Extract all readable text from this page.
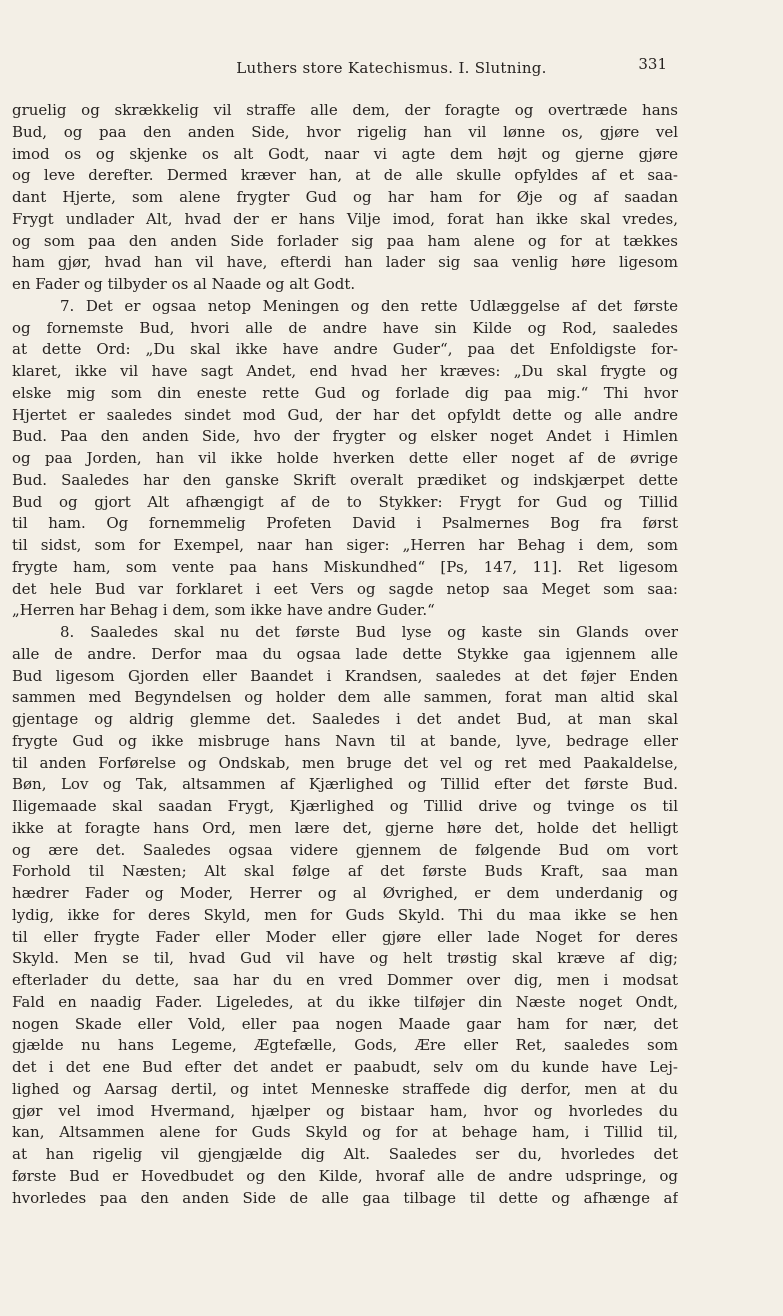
Luthers store Katechismus. I. Slutning.	331
gruelig og skrækkelig vil straffe alle dem, der foragte og overtræde hans
Bud, og paa den anden Side, hvor rigelig han vil lønne os, gjøre vel
imod os og skjenke os alt Godt, naar vi agte dem højt og gjerne gjøre
og leve derefter. Dermed kræver han, at de alle skulle opfyldes af et saa-
dant Hjerte, som alene frygter Gud og har ham for Øje og af saadan
Frygt undlader Alt, hvad der er hans Vilje imod, forat han ikke skal vredes,
og som paa den anden Side forlader sig paa ham alene og for at tækkes
ham gjør, hvad han vil have, efterdi han lader sig saa venlig høre ligesom
en Fader og tilbyder os al Naade og alt Godt.
7. Det er ogsaa netop Meningen og den rette Udlæggelse af det første
og fornemste Bud, hvori alle de andre have sin Kilde og Rod, saaledes
at dette Ord: „Du skal ikke have andre Guder“, paa det Enfoldigste for-
klaret, ikke vil have sagt Andet, end hvad her kræves: „Du skal frygte og
elske mig som din eneste rette Gud og forlade dig paa mig.“ Thi hvor
Hjertet er saaledes sindet mod Gud, der har det opfyldt dette og alle andre
Bud. Paa den anden Side, hvo der frygter og elsker noget Andet i Himlen
og paa Jorden, han vil ikke holde hverken dette eller noget af de øvrige
Bud. Saaledes har den ganske Skrift overalt prædiket og indskjærpet dette
Bud og gjort Alt afhængigt af de to Stykker: Frygt for Gud og Tillid
til ham. Og fornemmelig Profeten David i Psalmernes Bog fra først
til sidst, som for Exempel, naar han siger: „Herren har Behag i dem, som
frygte ham, som vente paa hans Miskundhed“ [Ps, 147, 11]. Ret ligesom
det hele Bud var forklaret i eet Vers og sagde netop saa Meget som saa:
„Herren har Behag i dem, som ikke have andre Guder.“
8. Saaledes skal nu det første Bud lyse og kaste sin Glands over
alle de andre. Derfor maa du ogsaa lade dette Stykke gaa igjennem alle
Bud ligesom Gjorden eller Baandet i Krandsen, saaledes at det føjer Enden
sammen med Begyndelsen og holder dem alle sammen, forat man altid skal
gjentage og aldrig glemme det. Saaledes i det andet Bud, at man skal
frygte Gud og ikke misbruge hans Navn til at bande, lyve, bedrage eller
til anden Forførelse og Ondskab, men bruge det vel og ret med Paakaldelse,
Bøn, Lov og Tak, altsammen af Kjærlighed og Tillid efter det første Bud.
Iligemaade skal saadan Frygt, Kjærlighed og Tillid drive og tvinge os til
ikke at foragte hans Ord, men lære det, gjerne høre det, holde det helligt
og ære det. Saaledes ogsaa videre gjennem de følgende Bud om vort
Forhold til Næsten; Alt skal følge af det første Buds Kraft, saa man
hædrer Fader og Moder, Herrer og al Øvrighed, er dem underdanig og
lydig, ikke for deres Skyld, men for Guds Skyld. Thi du maa ikke se hen
til eller frygte Fader eller Moder eller gjøre eller lade Noget for deres
Skyld. Men se til, hvad Gud vil have og helt trøstig skal kræve af dig;
efterlader du dette, saa har du en vred Dommer over dig, men i modsat
Fald en naadig Fader. Ligeledes, at du ikke tilføjer din Næste noget Ondt,
nogen Skade eller Vold, eller paa nogen Maade gaar ham for nær, det
gjælde nu hans Legeme, Ægtefælle, Gods, Ære eller Ret, saaledes som
det i det ene Bud efter det andet er paabudt, selv om du kunde have Lej-
lighed og Aarsag dertil, og intet Menneske straffede dig derfor, men at du
gjør vel imod Hvermand, hjælper og bistaar ham, hvor og hvorledes du
kan, Altsammen alene for Guds Skyld og for at behage ham, i Tillid til,
at han rigelig vil gjengjælde dig Alt. Saaledes ser du, hvorledes det
første Bud er Hovedbudet og den Kilde, hvoraf alle de andre udspringe, og
hvorledes paa den anden Side de alle gaa tilbage til dette og afhænge af
